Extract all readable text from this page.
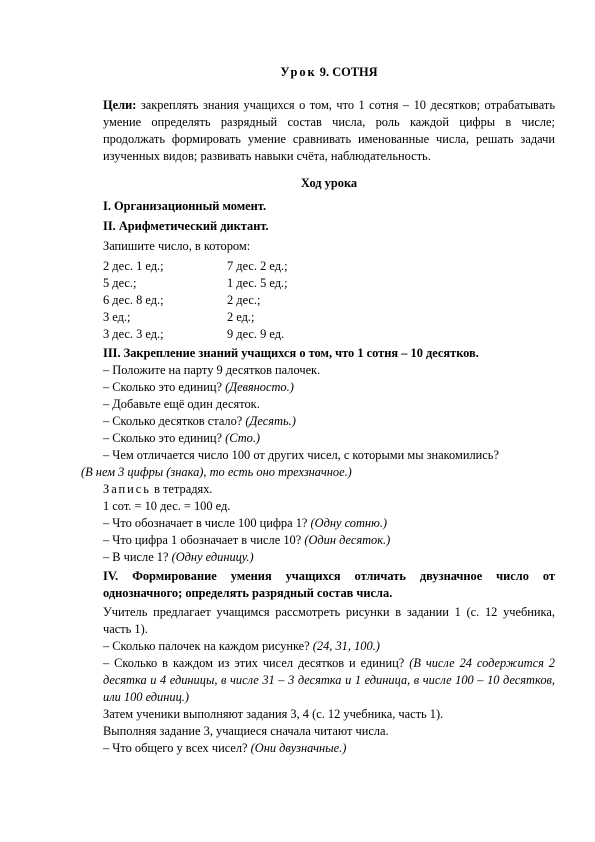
Урок 9. СОТНЯ

Цели: закреплять знания учащихся о том, что 1 сотня – 10 десятков; отрабатывать умение определять разрядный состав числа, роль каждой цифры в числе; продолжать формировать умение сравнивать именованные числа, решать задачи изученных видов; развивать навыки счёта, наблюдательность.

Ход урока

I. Организационный момент.

II. Арифметический диктант.

Запишите число, в котором:

2 дес. 1 ед.;	7 дес. 2 ед.;
5 дес.;	1 дес. 5 ед.;
6 дес. 8 ед.;	2 дес.;
3 ед.;	2 ед.;
3 дес. 3 ед.;	9 дес. 9 ед.

III. Закрепление знаний учащихся о том, что 1 сотня – 10 десятков.

– Положите на парту 9 десятков палочек.

– Сколько это единиц? (Девяносто.)

– Добавьте ещё один десяток.

– Сколько десятков стало? (Десять.)

– Сколько это единиц? (Сто.)

– Чем отличается число 100 от других чисел, с которыми мы знакомились?

(В нем 3 цифры (знака), то есть оно трехзначное.)

Запись в тетрадях.

1 сот. = 10 дес. = 100 ед.

– Что обозначает в числе 100 цифра 1? (Одну сотню.)

– Что цифра 1 обозначает в числе 10? (Один десяток.)

– В числе 1? (Одну единицу.)

IV. Формирование умения учащихся отличать двузначное число от однозначного; определять разрядный состав числа.

Учитель предлагает учащимся рассмотреть рисунки в задании 1 (с. 12 учебника, часть 1).

– Сколько палочек на каждом рисунке? (24, 31, 100.)

– Сколько в каждом из этих чисел десятков и единиц? (В числе 24 содержится 2 десятка и 4 единицы, в числе 31 – 3 десятка и 1 единица, в числе 100 – 10 десятков, или 100 единиц.)

Затем ученики выполняют задания 3, 4 (с. 12 учебника, часть 1).

Выполняя задание 3, учащиеся сначала читают числа.

– Что общего у всех чисел? (Они двузначные.)
